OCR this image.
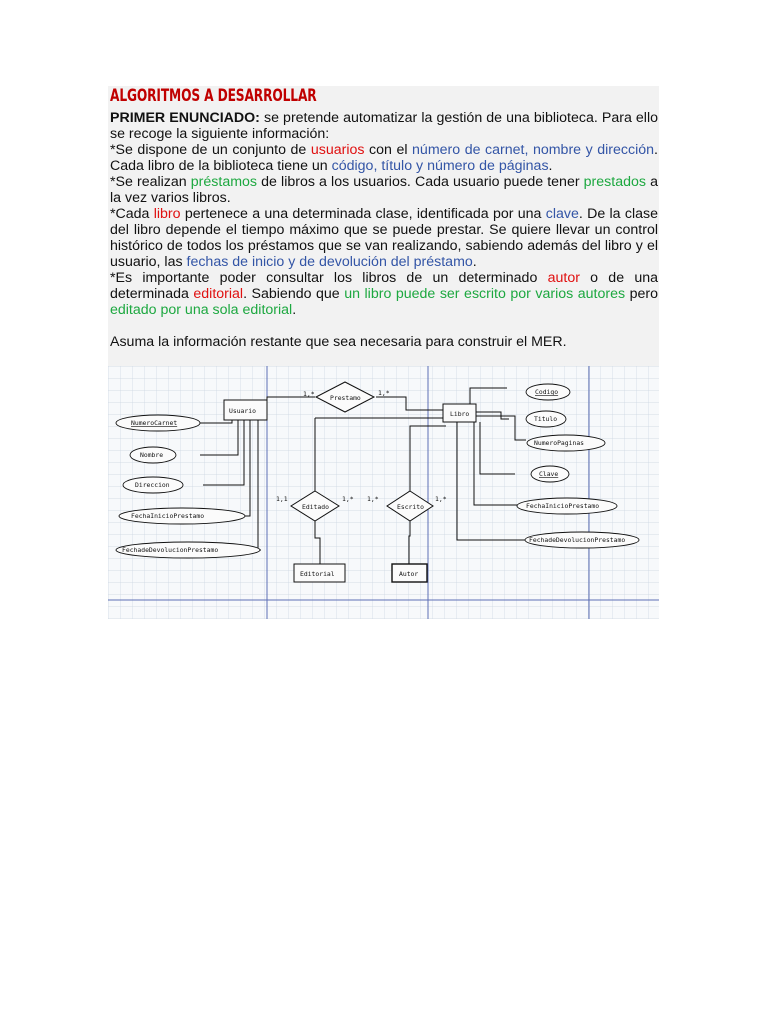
ALGORITMOS A DESARROLLAR

PRIMER ENUNCIADO: se pretende automatizar la gestión de una biblioteca. Para ello se recoge la siguiente información:

*Se dispone de un conjunto de usuarios con el número de carnet, nombre y dirección. Cada libro de la biblioteca tiene un código, título y número de páginas.

*Se realizan préstamos de libros a los usuarios. Cada usuario puede tener prestados a la vez varios libros.

*Cada libro pertenece a una determinada clase, identificada por una clave. De la clase del libro depende el tiempo máximo que se puede prestar. Se quiere llevar un control histórico de todos los préstamos que se van realizando, sabiendo además del libro y el usuario, las fechas de inicio y de devolución del préstamo.

*Es importante poder consultar los libros de un determinado autor o de una determinada editorial. Sabiendo que un libro puede ser escrito por varios autores pero editado por una sola editorial.

Asuma la información restante que sea necesaria para construir el MER.

1,*	1,*
1,1	1,* 1,*	1,*
Usuario	Libro
Editorial	Autor
Prestamo
Editado	Escrito
NumeroCarnet
Nombre
Direccion
FechaInicioPrestamo
FechadeDevolucionPrestamo
Codigo
Titulo
NumeroPaginas
Clave
FechaInicioPrestamo
FechadeDevolucionPrestamo
